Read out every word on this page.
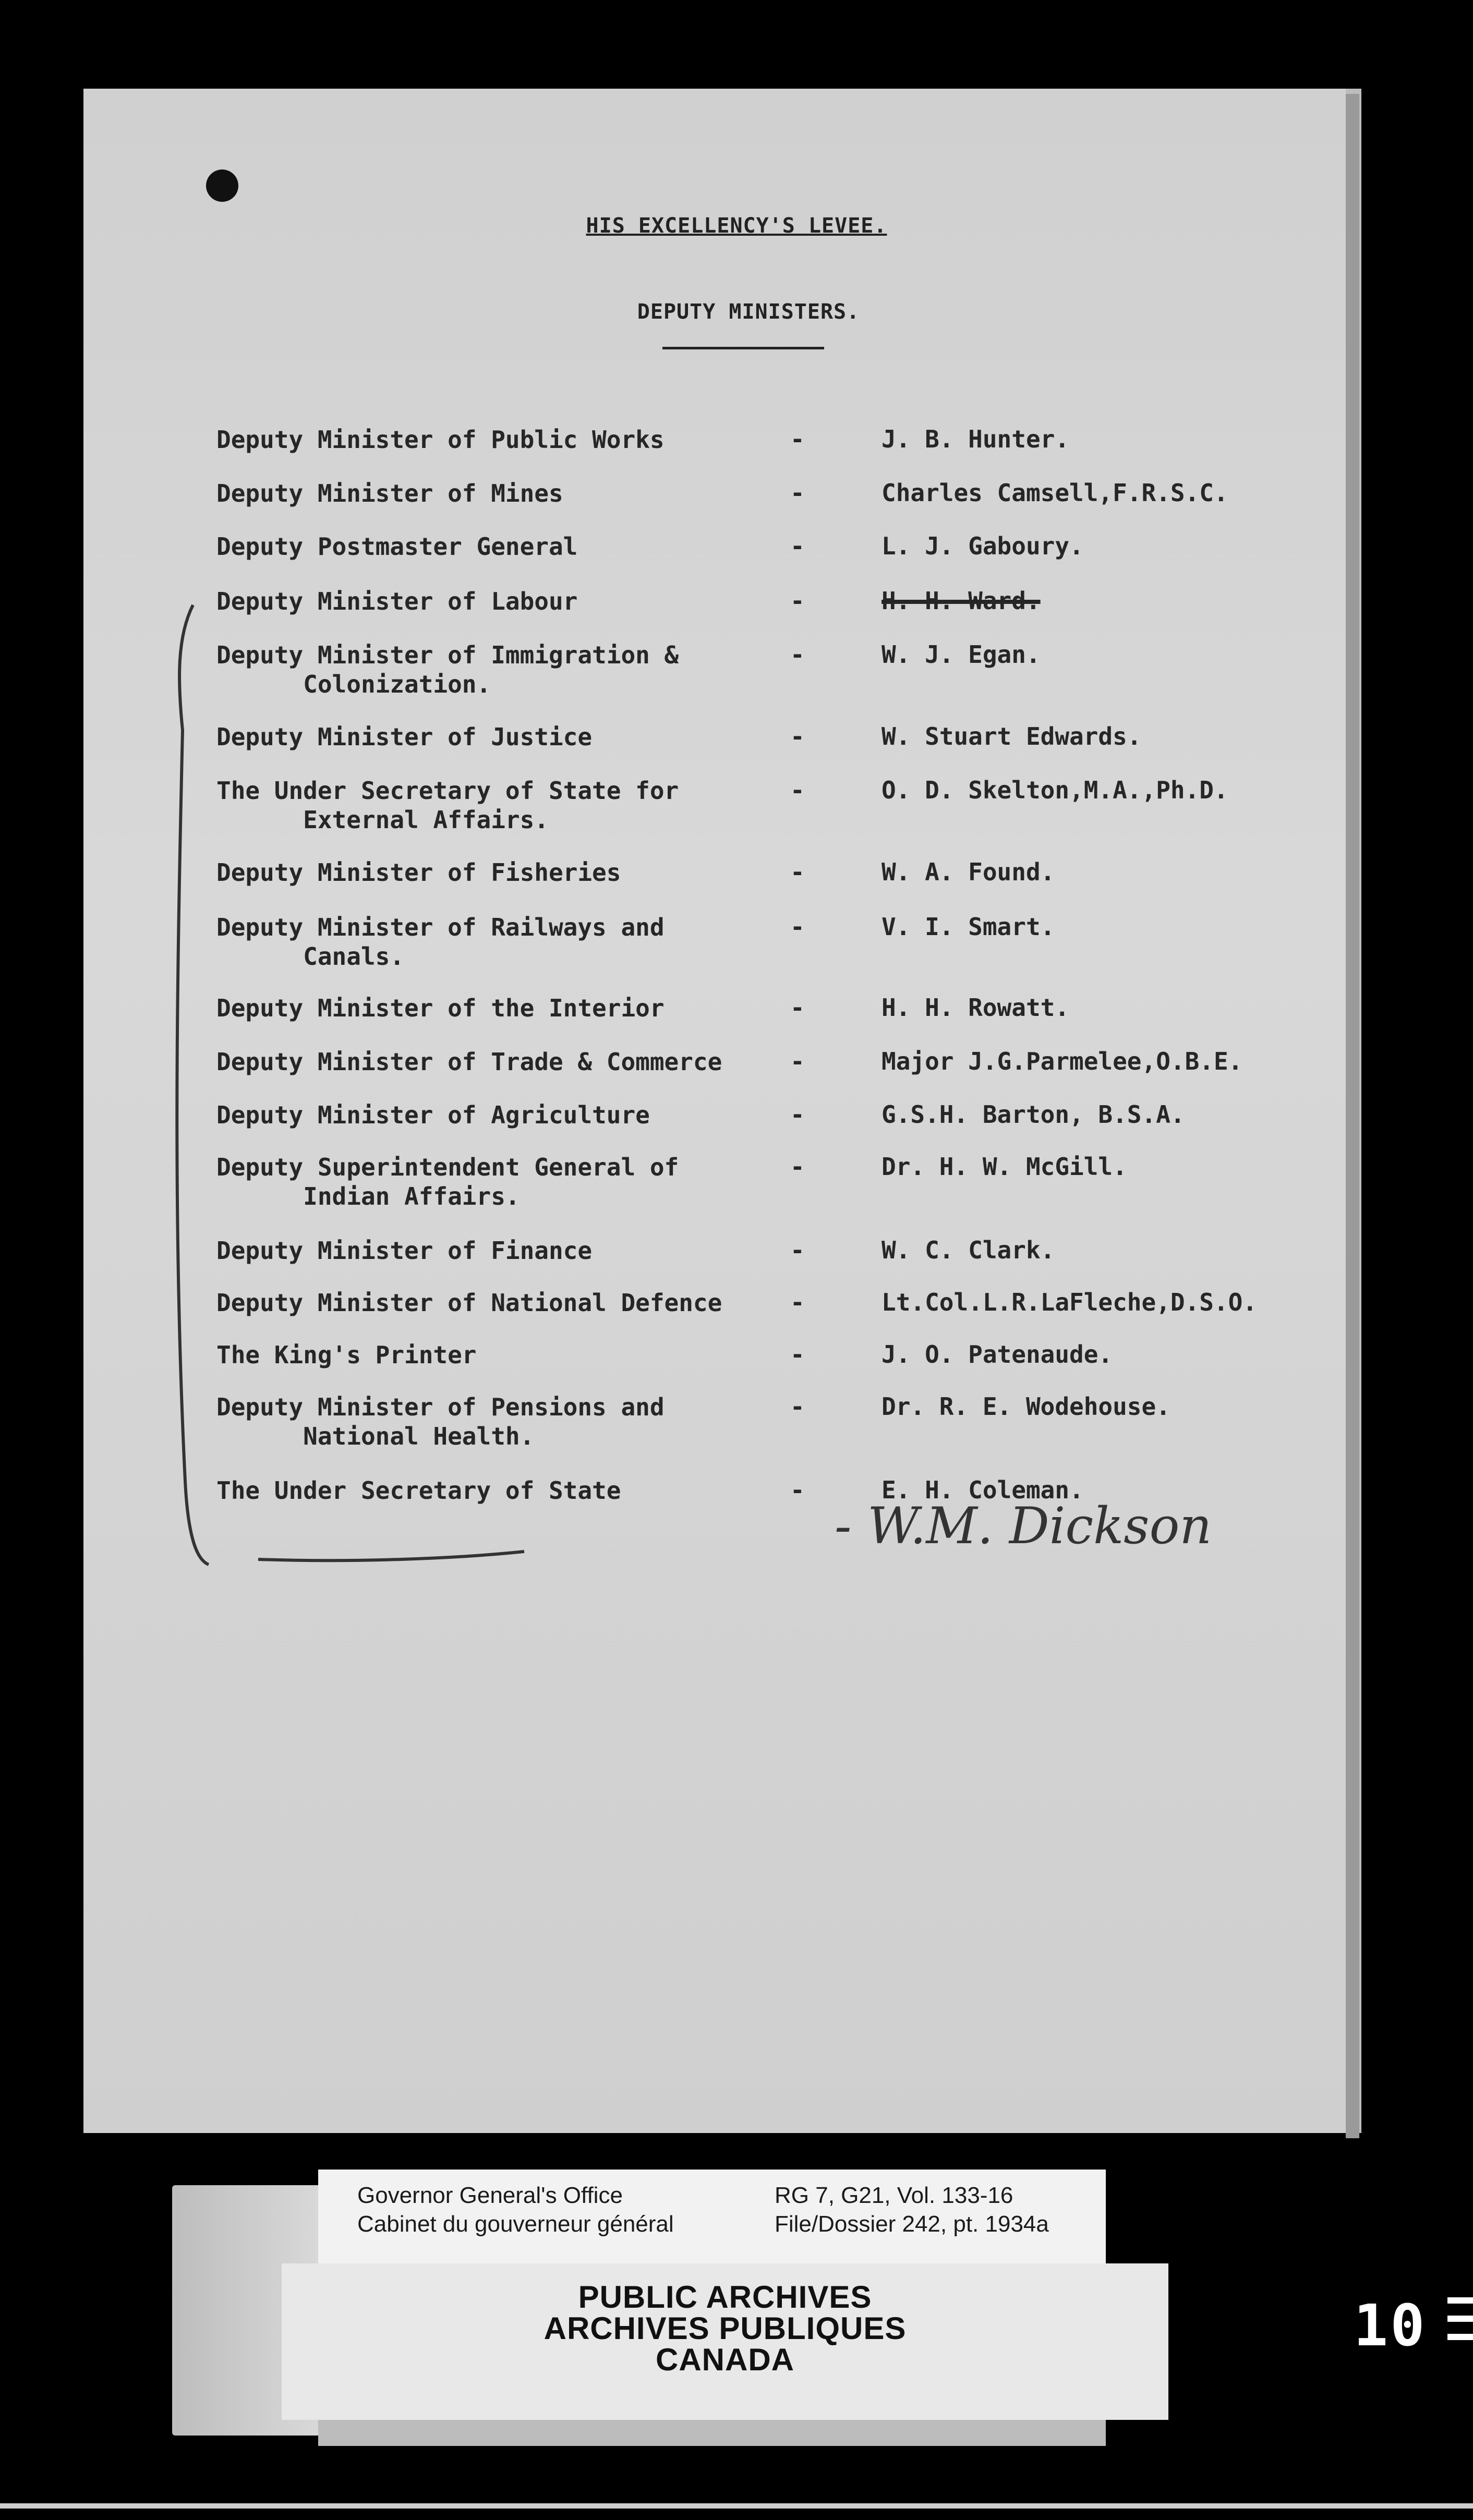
HIS EXCELLENCY'S LEVEE.
DEPUTY MINISTERS.
Deputy Minister of Public Works	-	J. B. Hunter.
Deputy Minister of Mines	-	Charles Camsell,F.R.S.C.
Deputy Postmaster General	-	L. J. Gaboury.
Deputy Minister of Labour	-	H. H. Ward.
Deputy Minister of Immigration &
Colonization.
-	W. J. Egan.
Deputy Minister of Justice	-	W. Stuart Edwards.
The Under Secretary of State for
External Affairs.
-	O. D. Skelton,M.A.,Ph.D.
Deputy Minister of Fisheries	-	W. A. Found.
Deputy Minister of Railways and
Canals.
-	V. I. Smart.
Deputy Minister of the Interior	-	H. H. Rowatt.
Deputy Minister of Trade & Commerce	-	Major J.G.Parmelee,O.B.E.
Deputy Minister of Agriculture	-	G.S.H. Barton, B.S.A.
Deputy Superintendent General of
Indian Affairs.
-	Dr. H. W. McGill.
Deputy Minister of Finance	-	W. C. Clark.
Deputy Minister of National Defence	-	Lt.Col.L.R.LaFleche,D.S.O.
The King's Printer	-	J. O. Patenaude.
Deputy Minister of Pensions and
National Health.
-	Dr. R. E. Wodehouse.
The Under Secretary of State	-	E. H. Coleman.
- W.M. Dickson
Governor General's Office
Cabinet du gouverneur général
RG 7, G21, Vol. 133-16
File/Dossier 242, pt. 1934a
PUBLIC ARCHIVES
ARCHIVES PUBLIQUES
CANADA
10
